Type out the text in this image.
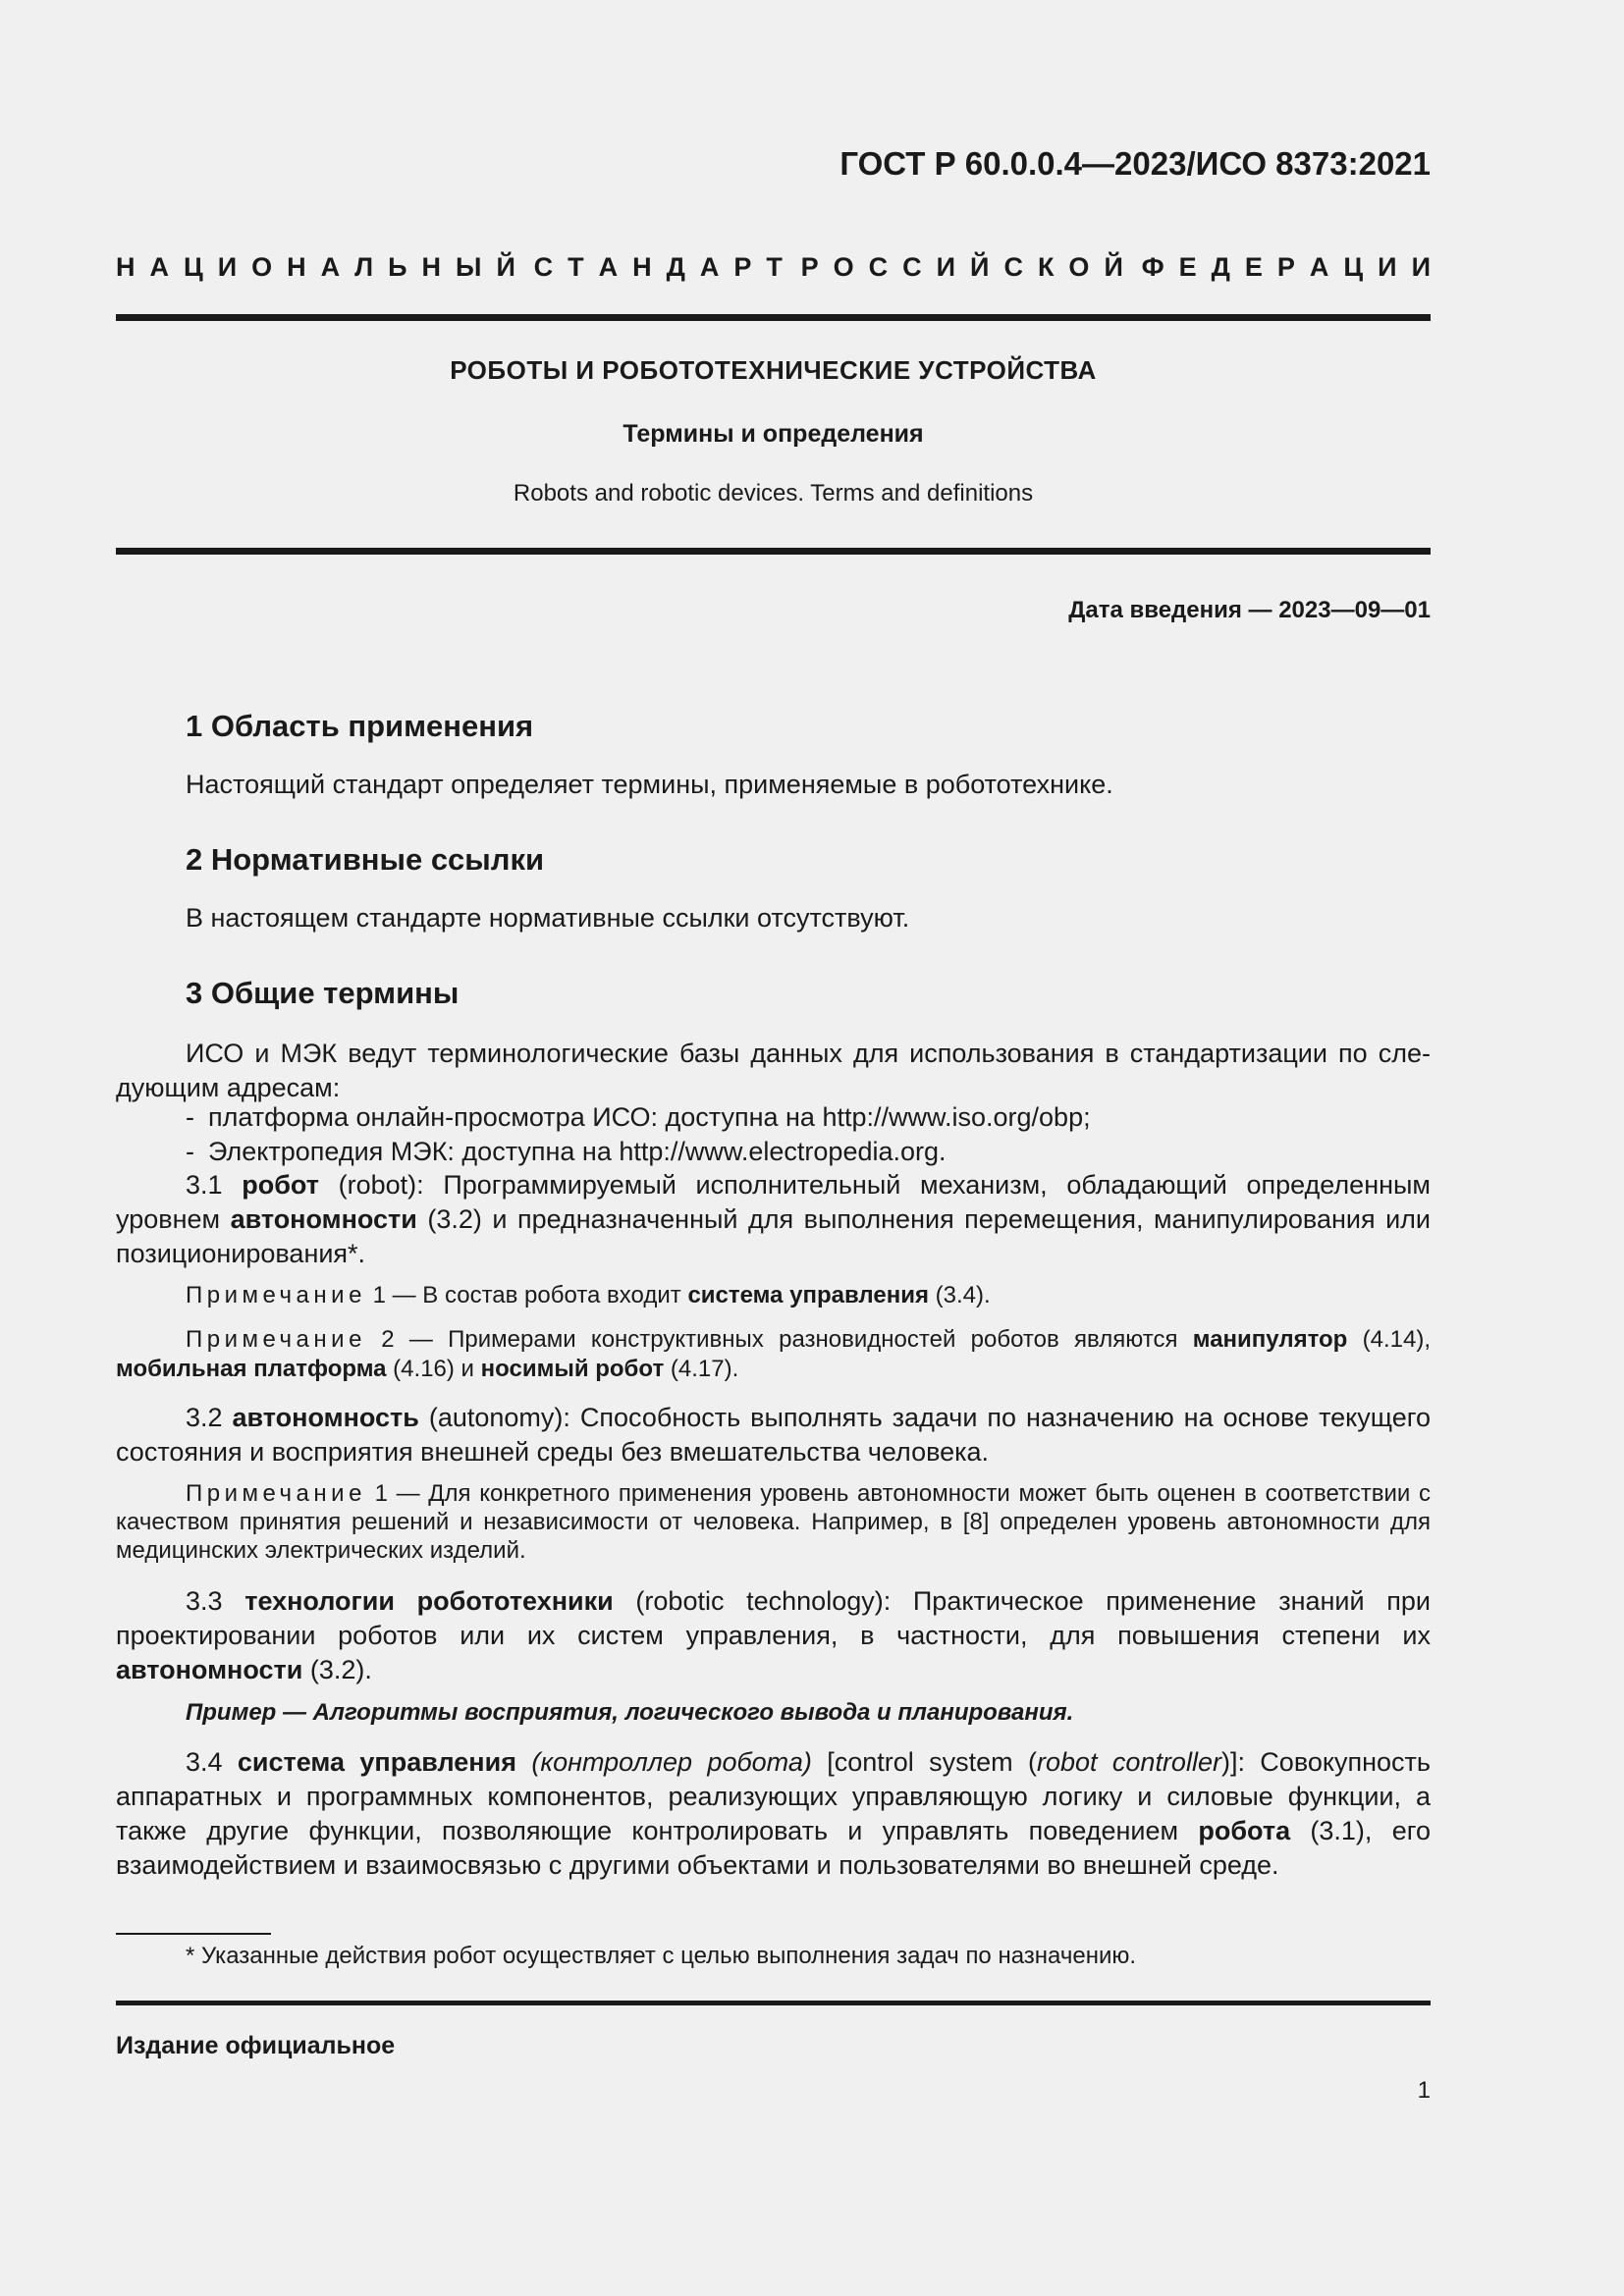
ГОСТ Р 60.0.0.4—2023/ИСО 8373:2021
Н А Ц И О Н А Л Ь Н Ы Й С Т А Н Д А Р Т Р О С С И Й С К О Й Ф Е Д Е Р А Ц И И
РОБОТЫ И РОБОТОТЕХНИЧЕСКИЕ УСТРОЙСТВА
Термины и определения
Robots and robotic devices. Terms and definitions
Дата введения — 2023—09—01
1 Область применения
Настоящий стандарт определяет термины, применяемые в робототехнике.
2 Нормативные ссылки
В настоящем стандарте нормативные ссылки отсутствуют.
3 Общие термины
ИСО и МЭК ведут терминологические базы данных для использования в стандартизации по сле-дующим адресам:
- платформа онлайн-просмотра ИСО: доступна на http://www.iso.org/obp;
- Электропедия МЭК: доступна на http://www.electropedia.org.
3.1 робот (robot): Программируемый исполнительный механизм, обладающий определенным уровнем автономности (3.2) и предназначенный для выполнения перемещения, манипулирования или позиционирования*.
Примечание 1 — В состав робота входит система управления (3.4).
Примечание 2 — Примерами конструктивных разновидностей роботов являются манипулятор (4.14), мобильная платформа (4.16) и носимый робот (4.17).
3.2 автономность (autonomy): Способность выполнять задачи по назначению на основе текущего состояния и восприятия внешней среды без вмешательства человека.
Примечание 1 — Для конкретного применения уровень автономности может быть оценен в соответствии с качеством принятия решений и независимости от человека. Например, в [8] определен уровень автономности для медицинских электрических изделий.
3.3 технологии робототехники (robotic technology): Практическое применение знаний при проектировании роботов или их систем управления, в частности, для повышения степени их автономности (3.2).
Пример — Алгоритмы восприятия, логического вывода и планирования.
3.4 система управления (контроллер робота) [control system (robot controller)]: Совокупность аппаратных и программных компонентов, реализующих управляющую логику и силовые функции, а также другие функции, позволяющие контролировать и управлять поведением робота (3.1), его взаимодействием и взаимосвязью с другими объектами и пользователями во внешней среде.
* Указанные действия робот осуществляет с целью выполнения задач по назначению.
Издание официальное
1
